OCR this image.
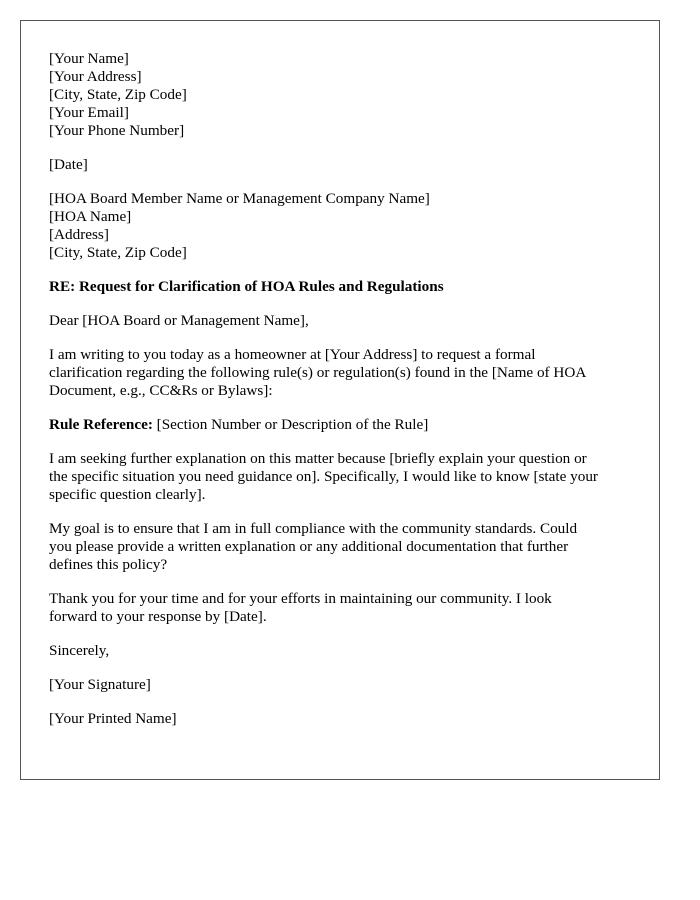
[Your Name]
[Your Address]
[City, State, Zip Code]
[Your Email]
[Your Phone Number]
[Date]
[HOA Board Member Name or Management Company Name]
[HOA Name]
[Address]
[City, State, Zip Code]
RE: Request for Clarification of HOA Rules and Regulations
Dear [HOA Board or Management Name],
I am writing to you today as a homeowner at [Your Address] to request a formal
clarification regarding the following rule(s) or regulation(s) found in the [Name of HOA
Document, e.g., CC&Rs or Bylaws]:
Rule Reference: [Section Number or Description of the Rule]
I am seeking further explanation on this matter because [briefly explain your question or
the specific situation you need guidance on]. Specifically, I would like to know [state your
specific question clearly].
My goal is to ensure that I am in full compliance with the community standards. Could
you please provide a written explanation or any additional documentation that further
defines this policy?
Thank you for your time and for your efforts in maintaining our community. I look
forward to your response by [Date].
Sincerely,
[Your Signature]
[Your Printed Name]
